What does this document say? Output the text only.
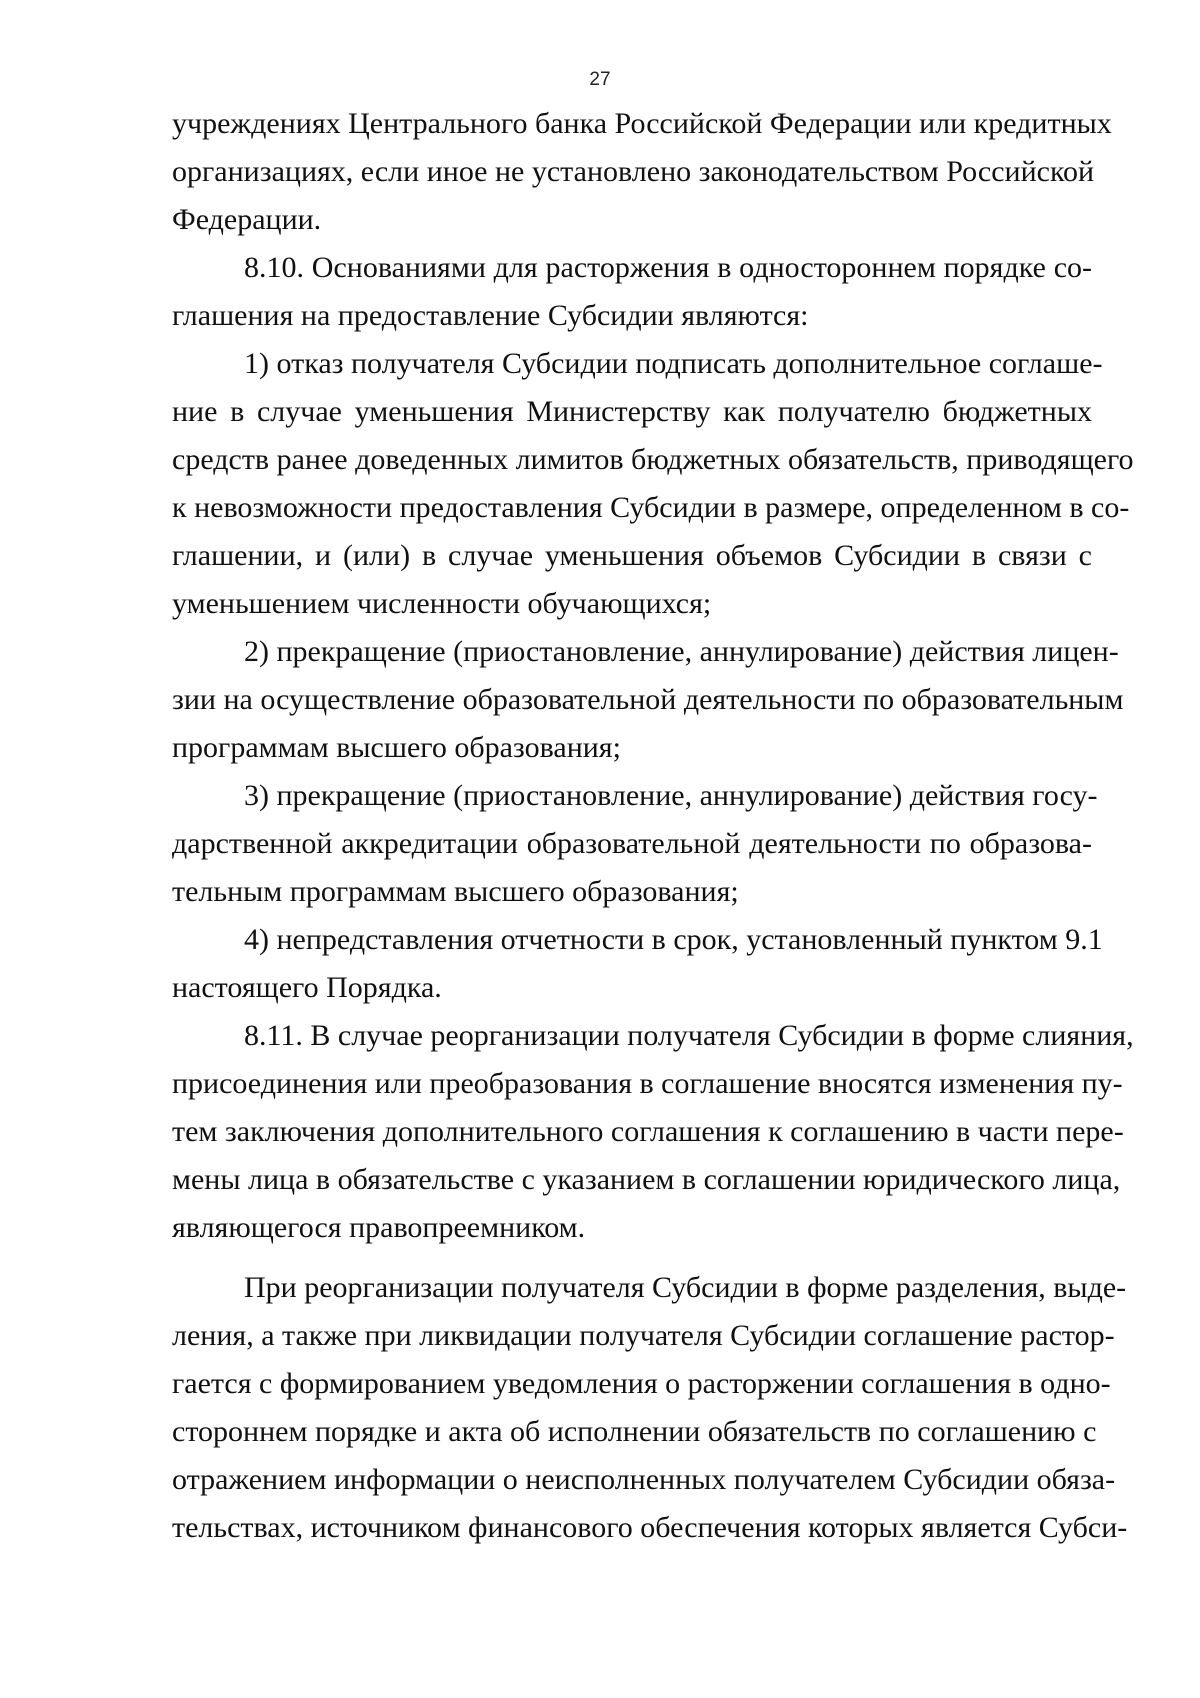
27
учреждениях Центрального банка Российской Федерации или кредитных
организациях, если иное не установлено законодательством Российской
Федерации.
8.10. Основаниями для расторжения в одностороннем порядке со-
глашения на предоставление Субсидии являются:
1) отказ получателя Субсидии подписать дополнительное соглаше-
ние в случае уменьшения Министерству как получателю бюджетных
средств ранее доведенных лимитов бюджетных обязательств, приводящего
к невозможности предоставления Субсидии в размере, определенном в со-
глашении, и (или) в случае уменьшения объемов Субсидии в связи с
уменьшением численности обучающихся;
2) прекращение (приостановление, аннулирование) действия лицен-
зии на осуществление образовательной деятельности по образовательным
программам высшего образования;
3) прекращение (приостановление, аннулирование) действия госу-
дарственной аккредитации образовательной деятельности по образова-
тельным программам высшего образования;
4) непредставления отчетности в срок, установленный пунктом 9.1
настоящего Порядка.
8.11. В случае реорганизации получателя Субсидии в форме слияния,
присоединения или преобразования в соглашение вносятся изменения пу-
тем заключения дополнительного соглашения к соглашению в части пере-
мены лица в обязательстве с указанием в соглашении юридического лица,
являющегося правопреемником.
При реорганизации получателя Субсидии в форме разделения, выде-
ления, а также при ликвидации получателя Субсидии соглашение растор-
гается с формированием уведомления о расторжении соглашения в одно-
стороннем порядке и акта об исполнении обязательств по соглашению с
отражением информации о неисполненных получателем Субсидии обяза-
тельствах, источником финансового обеспечения которых является Субси-
